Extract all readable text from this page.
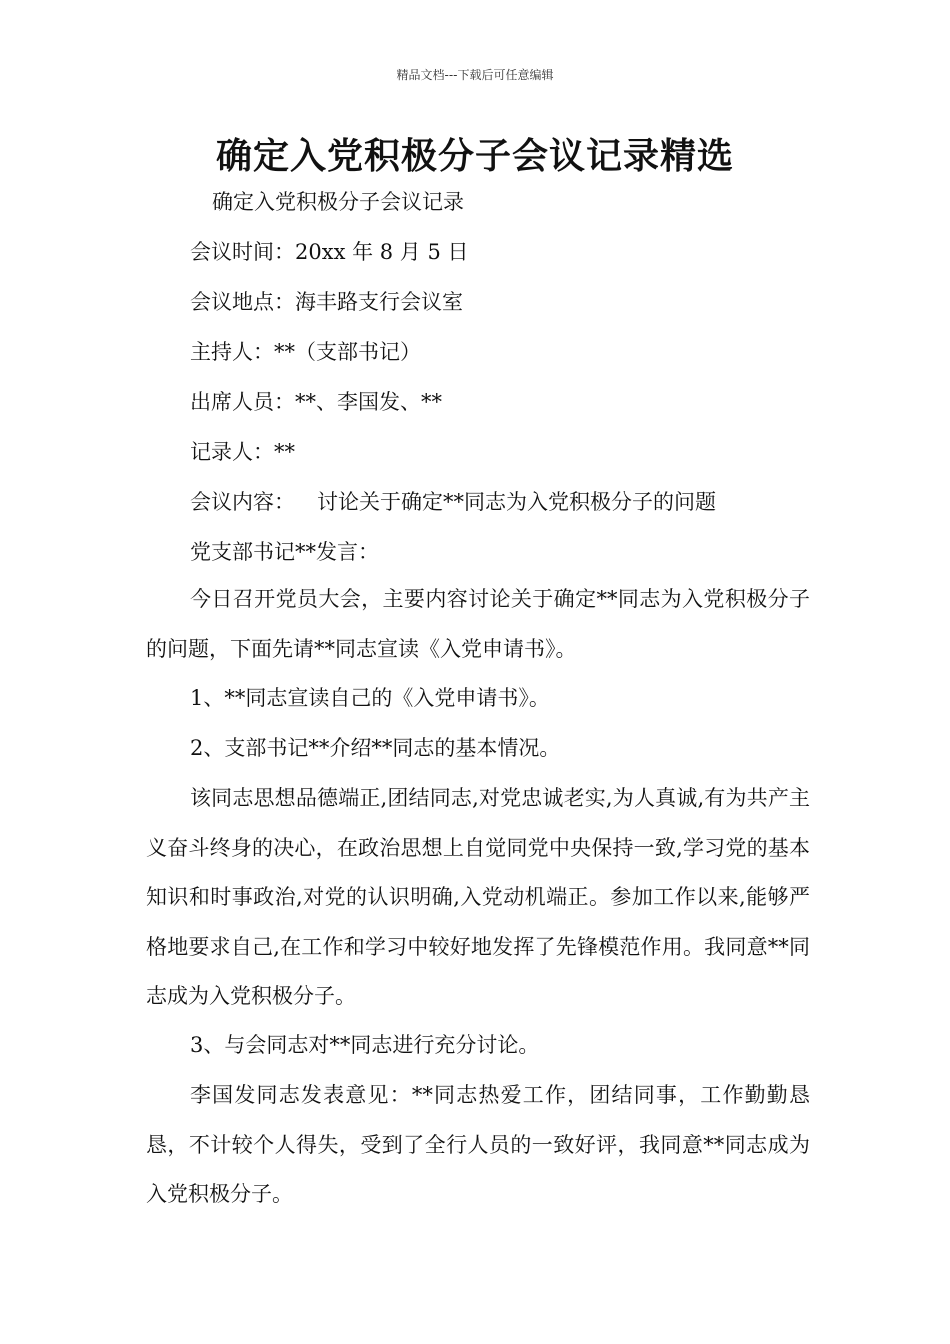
精品文档---下载后可任意编辑
确定入党积极分子会议记录精选
确定入党积极分子会议记录
会议时间：20xx 年 8 月 5 日
会议地点：海丰路支行会议室
主持人：**（支部书记）
出席人员：**、李国发、**
记录人：**
会议内容： 讨论关于确定**同志为入党积极分子的问题
党支部书记**发言：

今日召开党员大会，主要内容讨论关于确定**同志为入党积极分子的问题，下面先请**同志宣读《入党申请书》。

1、**同志宣读自己的《入党申请书》。

2、支部书记**介绍**同志的基本情况。

该同志思想品德端正,团结同志,对党忠诚老实,为人真诚,有为共产主义奋斗终身的决心，在政治思想上自觉同党中央保持一致,学习党的基本知识和时事政治,对党的认识明确,入党动机端正。参加工作以来,能够严格地要求自己,在工作和学习中较好地发挥了先锋模范作用。我同意**同志成为入党积极分子。

3、与会同志对**同志进行充分讨论。

李国发同志发表意见：**同志热爱工作，团结同事，工作勤勤恳恳，不计较个人得失，受到了全行人员的一致好评，我同意**同志成为入党积极分子。
